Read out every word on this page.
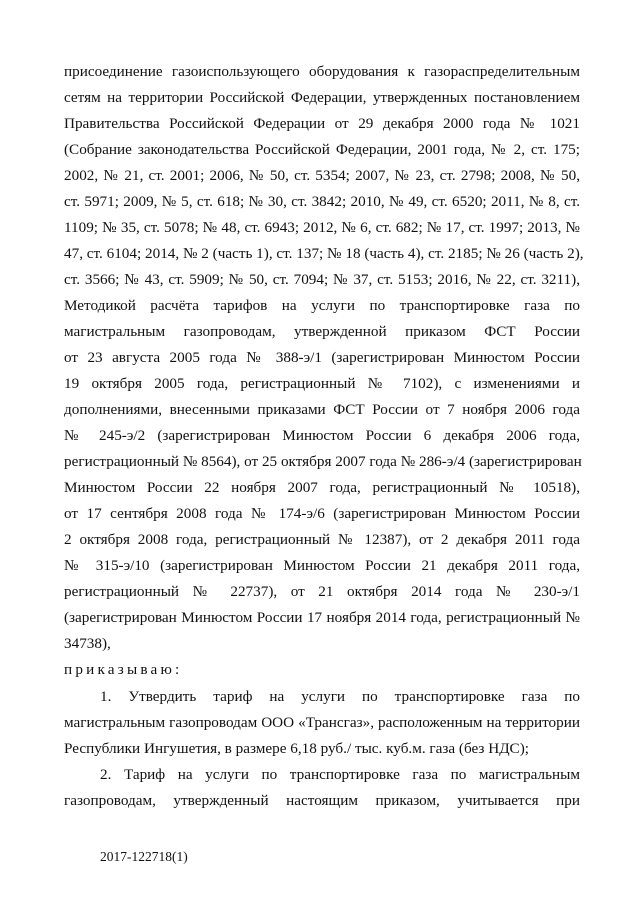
присоединение газоиспользующего оборудования к газораспределительным
сетям на территории Российской Федерации, утвержденных постановлением
Правительства Российской Федерации от 29 декабря 2000 года № 1021
(Собрание законодательства Российской Федерации, 2001 года, № 2, ст. 175;
2002, № 21, ст. 2001; 2006, № 50, ст. 5354; 2007, № 23, ст. 2798; 2008, № 50,
ст. 5971; 2009, № 5, ст. 618; № 30, ст. 3842; 2010, № 49, ст. 6520; 2011, № 8, ст.
1109; № 35, ст. 5078; № 48, ст. 6943; 2012, № 6, ст. 682; № 17, ст. 1997; 2013, №
47, ст. 6104; 2014, № 2 (часть 1), ст. 137; № 18 (часть 4), ст. 2185; № 26 (часть 2),
ст. 3566; № 43, ст. 5909; № 50, ст. 7094; № 37, ст. 5153; 2016, № 22, ст. 3211),
Методикой расчёта тарифов на услуги по транспортировке газа по
магистральным газопроводам, утвержденной приказом ФСТ России
от 23 августа 2005 года № 388-э/1 (зарегистрирован Минюстом России
19 октября 2005 года, регистрационный № 7102), с изменениями и
дополнениями, внесенными приказами ФСТ России от 7 ноября 2006 года
№ 245-э/2 (зарегистрирован Минюстом России 6 декабря 2006 года,
регистрационный № 8564), от 25 октября 2007 года № 286-э/4 (зарегистрирован
Минюстом России 22 ноября 2007 года, регистрационный № 10518),
от 17 сентября 2008 года № 174-э/6 (зарегистрирован Минюстом России
2 октября 2008 года, регистрационный № 12387), от 2 декабря 2011 года
№ 315-э/10 (зарегистрирован Минюстом России 21 декабря 2011 года,
регистрационный № 22737), от 21 октября 2014 года № 230-э/1
(зарегистрирован Минюстом России 17 ноября 2014 года, регистрационный №
34738),
приказываю:
1. Утвердить тариф на услуги по транспортировке газа по
магистральным газопроводам ООО «Трансгаз», расположенным на территории
Республики Ингушетия, в размере 6,18 руб./ тыс. куб.м. газа (без НДС);
2. Тариф на услуги по транспортировке газа по магистральным
газопроводам, утвержденный настоящим приказом, учитывается при
2017-122718(1)
